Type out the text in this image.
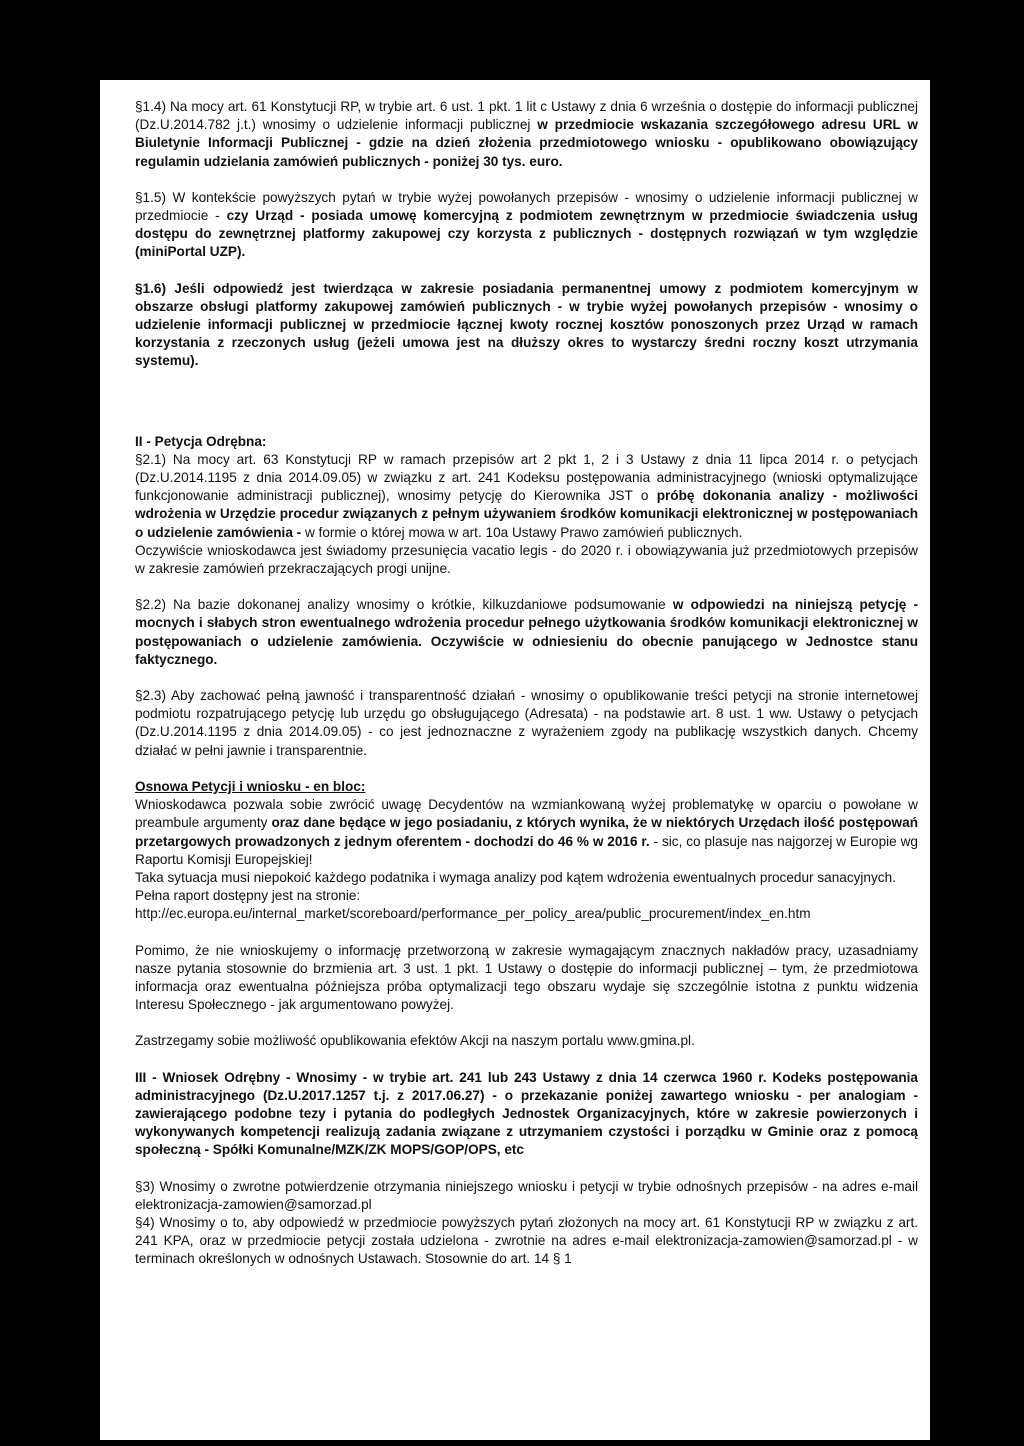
§1.4) Na mocy art. 61 Konstytucji RP, w trybie art. 6 ust. 1 pkt. 1 lit c Ustawy z dnia 6 września o dostępie do informacji publicznej (Dz.U.2014.782 j.t.) wnosimy o udzielenie informacji publicznej w przedmiocie wskazania szczegółowego adresu URL w Biuletynie Informacji Publicznej - gdzie na dzień złożenia przedmiotowego wniosku - opublikowano obowiązujący regulamin udzielania zamówień publicznych - poniżej 30 tys. euro.

§1.5) W kontekście powyższych pytań w trybie wyżej powołanych przepisów - wnosimy o udzielenie informacji publicznej w przedmiocie - czy Urząd - posiada umowę komercyjną z podmiotem zewnętrznym w przedmiocie świadczenia usług dostępu do zewnętrznej platformy zakupowej czy korzysta z publicznych - dostępnych rozwiązań w tym względzie (miniPortal UZP).

§1.6) Jeśli odpowiedź jest twierdząca w zakresie posiadania permanentnej umowy z podmiotem komercyjnym w obszarze obsługi platformy zakupowej zamówień publicznych - w trybie wyżej powołanych przepisów - wnosimy o udzielenie informacji publicznej w przedmiocie łącznej kwoty rocznej kosztów ponoszonych przez Urząd w ramach korzystania z rzeczonych usług (jeżeli umowa jest na dłuższy okres to wystarczy średni roczny koszt utrzymania systemu).

II - Petycja Odrębna:

§2.1) Na mocy art. 63 Konstytucji RP w ramach przepisów art 2 pkt 1, 2 i 3 Ustawy z dnia 11 lipca 2014 r. o petycjach (Dz.U.2014.1195 z dnia 2014.09.05) w związku z art. 241 Kodeksu postępowania administracyjnego (wnioski optymalizujące funkcjonowanie administracji publicznej), wnosimy petycję do Kierownika JST o próbę dokonania analizy - możliwości wdrożenia w Urzędzie procedur związanych z pełnym używaniem środków komunikacji elektronicznej w postępowaniach o udzielenie zamówienia - w formie o której mowa w art. 10a Ustawy Prawo zamówień publicznych.

Oczywiście wnioskodawca jest świadomy przesunięcia vacatio legis - do 2020 r. i obowiązywania już przedmiotowych przepisów w zakresie zamówień przekraczających progi unijne.

§2.2) Na bazie dokonanej analizy wnosimy o krótkie, kilkuzdaniowe podsumowanie w odpowiedzi na niniejszą petycję - mocnych i słabych stron ewentualnego wdrożenia procedur pełnego użytkowania środków komunikacji elektronicznej w postępowaniach o udzielenie zamówienia. Oczywiście w odniesieniu do obecnie panującego w Jednostce stanu faktycznego.

§2.3) Aby zachować pełną jawność i transparentność działań - wnosimy o opublikowanie treści petycji na stronie internetowej podmiotu rozpatrującego petycję lub urzędu go obsługującego (Adresata) - na podstawie art. 8 ust. 1 ww. Ustawy o petycjach (Dz.U.2014.1195 z dnia 2014.09.05) - co jest jednoznaczne z wyrażeniem zgody na publikację wszystkich danych. Chcemy działać w pełni jawnie i transparentnie.

Osnowa Petycji i wniosku - en bloc:

Wnioskodawca pozwala sobie zwrócić uwagę Decydentów na wzmiankowaną wyżej problematykę w oparciu o powołane w preambule argumenty oraz dane będące w jego posiadaniu, z których wynika, że w niektórych Urzędach ilość postępowań przetargowych prowadzonych z jednym oferentem - dochodzi do 46 % w 2016 r. - sic, co plasuje nas najgorzej w Europie wg Raportu Komisji Europejskiej!

Taka sytuacja musi niepokoić każdego podatnika i wymaga analizy pod kątem wdrożenia ewentualnych procedur sanacyjnych.

Pełna raport dostępny jest na stronie:

http://ec.europa.eu/internal_market/scoreboard/performance_per_policy_area/public_procurement/index_en.htm

Pomimo, że nie wnioskujemy o informację przetworzoną w zakresie wymagającym znacznych nakładów pracy, uzasadniamy nasze pytania stosownie do brzmienia art. 3 ust. 1 pkt. 1 Ustawy o dostępie do informacji publicznej – tym, że przedmiotowa informacja oraz ewentualna późniejsza próba optymalizacji tego obszaru wydaje się szczególnie istotna z punktu widzenia Interesu Społecznego - jak argumentowano powyżej.

Zastrzegamy sobie możliwość opublikowania efektów Akcji na naszym portalu www.gmina.pl.

III - Wniosek Odrębny - Wnosimy - w trybie art. 241 lub 243 Ustawy z dnia 14 czerwca 1960 r. Kodeks postępowania administracyjnego (Dz.U.2017.1257 t.j. z 2017.06.27) - o przekazanie poniżej zawartego wniosku - per analogiam - zawierającego podobne tezy i pytania do podległych Jednostek Organizacyjnych, które w zakresie powierzonych i wykonywanych kompetencji realizują zadania związane z utrzymaniem czystości i porządku w Gminie oraz z pomocą społeczną - Spółki Komunalne/MZK/ZK MOPS/GOP/OPS, etc

§3) Wnosimy o zwrotne potwierdzenie otrzymania niniejszego wniosku i petycji w trybie odnośnych przepisów - na adres e-mail elektronizacja-zamowien@samorzad.pl

§4) Wnosimy o to, aby odpowiedź w przedmiocie powyższych pytań złożonych na mocy art. 61 Konstytucji RP w związku z art. 241 KPA, oraz w przedmiocie petycji została udzielona - zwrotnie na adres e-mail elektronizacja-zamowien@samorzad.pl - w terminach określonych w odnośnych Ustawach. Stosownie do art. 14 § 1
